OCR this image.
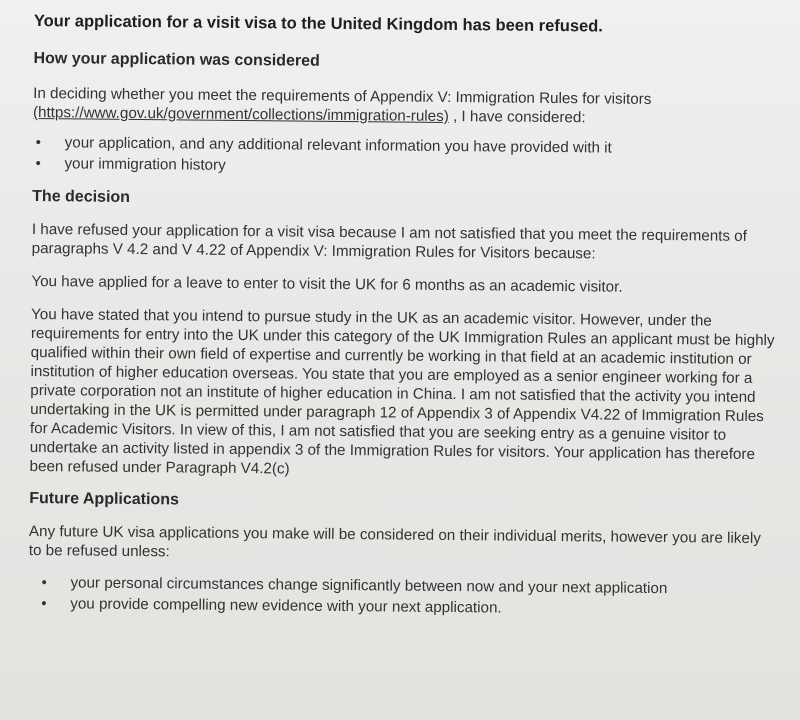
Your application for a visit visa to the United Kingdom has been refused.
How your application was considered
In deciding whether you meet the requirements of Appendix V: Immigration Rules for visitors
(https://www.gov.uk/government/collections/immigration-rules) , I have considered:
• your application, and any additional relevant information you have provided with it
• your immigration history
The decision
I have refused your application for a visit visa because I am not satisfied that you meet the requirements of paragraphs V 4.2 and V 4.22 of Appendix V: Immigration Rules for Visitors because:
You have applied for a leave to enter to visit the UK for 6 months as an academic visitor.
You have stated that you intend to pursue study in the UK as an academic visitor. However, under the requirements for entry into the UK under this category of the UK Immigration Rules an applicant must be highly qualified within their own field of expertise and currently be working in that field at an academic institution or institution of higher education overseas. You state that you are employed as a senior engineer working for a private corporation not an institute of higher education in China. I am not satisfied that the activity you intend undertaking in the UK is permitted under paragraph 12 of Appendix 3 of Appendix V4.22 of Immigration Rules for Academic Visitors. In view of this, I am not satisfied that you are seeking entry as a genuine visitor to undertake an activity listed in appendix 3 of the Immigration Rules for visitors. Your application has therefore been refused under Paragraph V4.2(c)
Future Applications
Any future UK visa applications you make will be considered on their individual merits, however you are likely to be refused unless:
• your personal circumstances change significantly between now and your next application
• you provide compelling new evidence with your next application.
